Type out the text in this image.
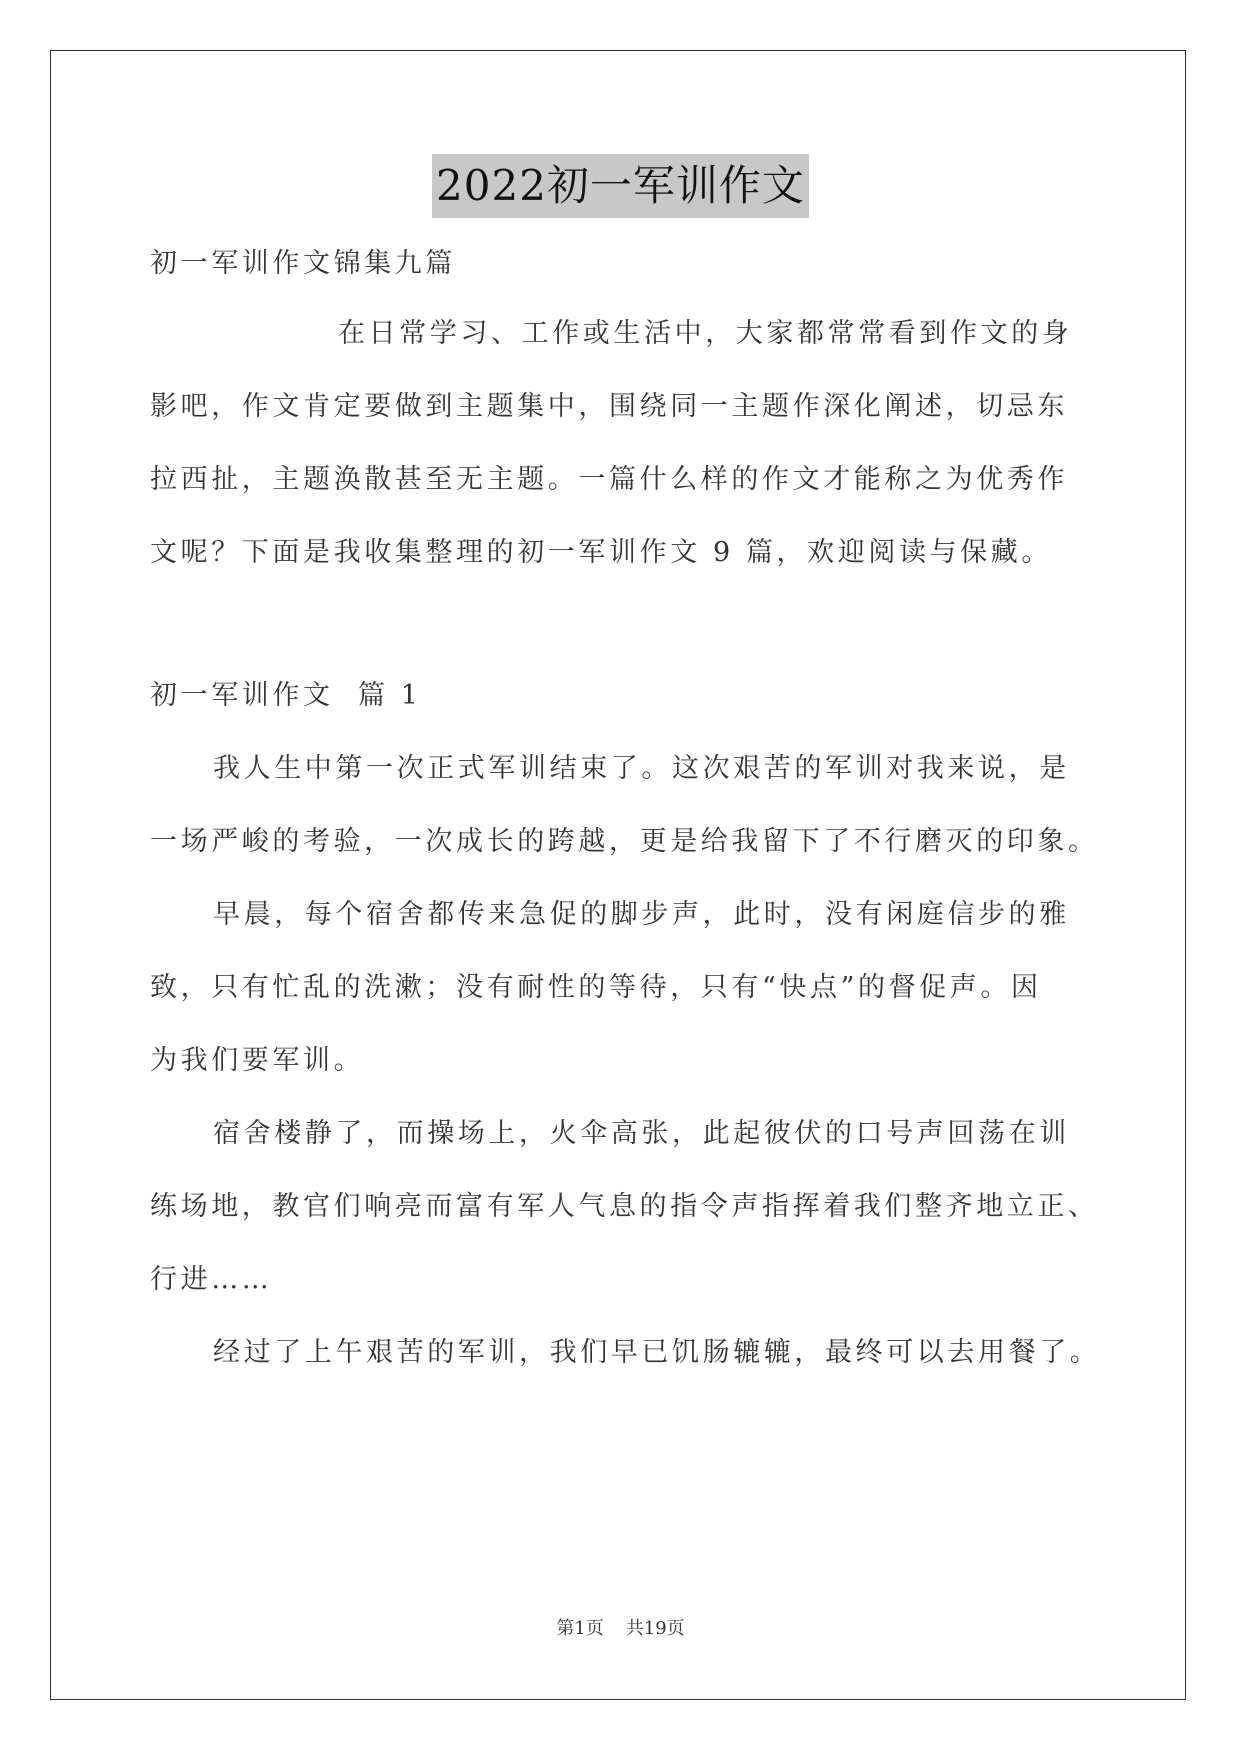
2022初一军训作文
初一军训作文锦集九篇
在日常学习、工作或生活中，大家都常常看到作文的身
影吧，作文肯定要做到主题集中，围绕同一主题作深化阐述，切忌东
拉西扯，主题涣散甚至无主题。一篇什么样的作文才能称之为优秀作
文呢？下面是我收集整理的初一军训作文 9 篇，欢迎阅读与保藏。
初一军训作文  篇 1
我人生中第一次正式军训结束了。这次艰苦的军训对我来说，是
一场严峻的考验，一次成长的跨越，更是给我留下了不行磨灭的印象。
早晨，每个宿舍都传来急促的脚步声，此时，没有闲庭信步的雅
致，只有忙乱的洗漱；没有耐性的等待，只有“快点”的督促声。因
为我们要军训。
宿舍楼静了，而操场上，火伞高张，此起彼伏的口号声回荡在训
练场地，教官们响亮而富有军人气息的指令声指挥着我们整齐地立正、
行进……
经过了上午艰苦的军训，我们早已饥肠辘辘，最终可以去用餐了。
第1页 共19页
